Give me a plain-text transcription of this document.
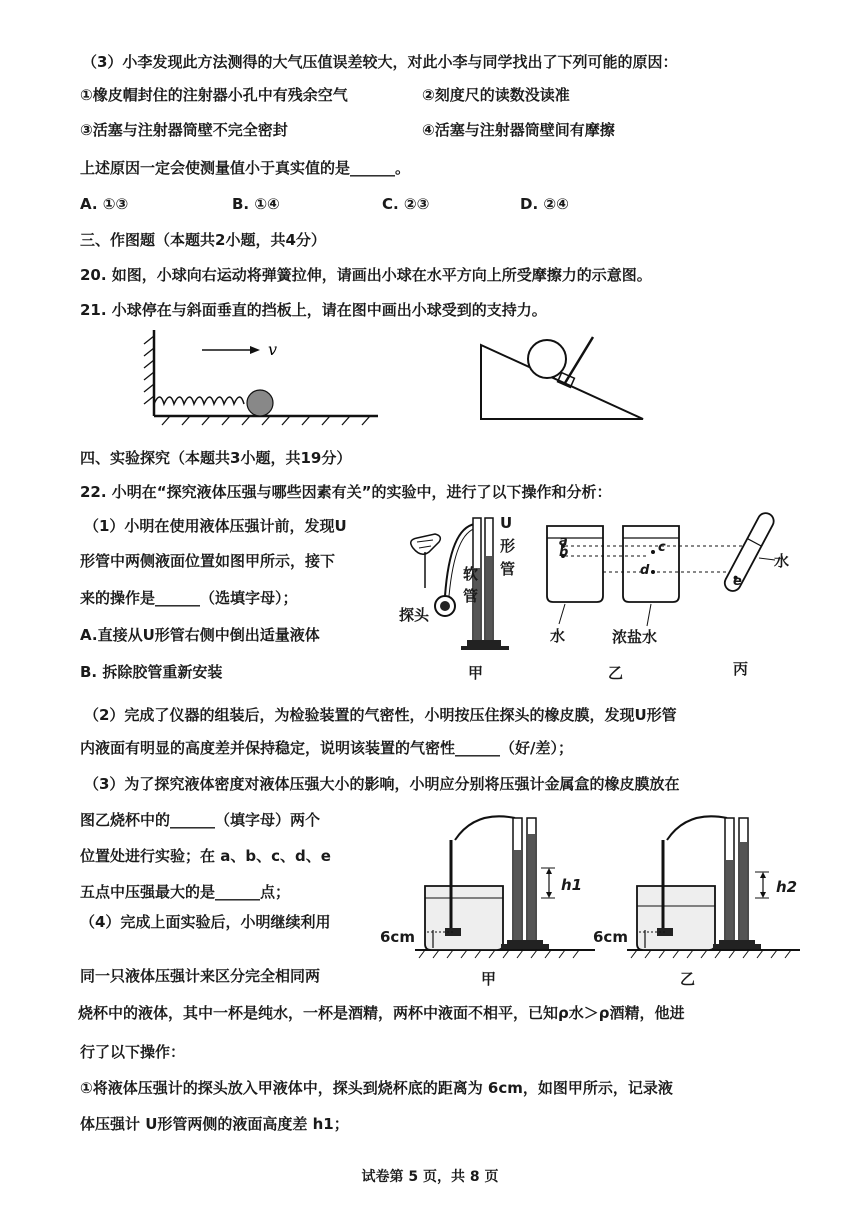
（3）小李发现此方法测得的大气压值误差较大，对此小李与同学找出了下列可能的原因：
①橡皮帽封住的注射器小孔中有残余空气	②刻度尺的读数没读准
③活塞与注射器筒壁不完全密封	④活塞与注射器筒壁间有摩擦
上述原因一定会使测量值小于真实值的是______。
A. ①③	B. ①④	C. ②③	D. ②④
三、作图题（本题共2小题，共4分）
20. 如图，小球向右运动将弹簧拉伸，请画出小球在水平方向上所受摩擦力的示意图。
21. 小球停在与斜面垂直的挡板上，请在图中画出小球受到的支持力。
v
四、实验探究（本题共3小题，共19分）
22. 小明在“探究液体压强与哪些因素有关”的实验中，进行了以下操作和分析：
（1）小明在使用液体压强计前，发现U
形管中两侧液面位置如图甲所示，接下
来的操作是______（选填字母）；
A.直接从U形管右侧中倒出适量液体
B. 拆除胶管重新安装
U
形
管
软
管
探头
a
b	c
d
e
水
水	浓盐水
甲	乙	丙
（2）完成了仪器的组装后，为检验装置的气密性，小明按压住探头的橡皮膜，发现U形管
内液面有明显的高度差并保持稳定，说明该装置的气密性______（好/差）；
（3）为了探究液体密度对液体压强大小的影响，小明应分别将压强计金属盒的橡皮膜放在
图乙烧杯中的______（填字母）两个
位置处进行实验；在 a、b、c、d、e
五点中压强最大的是______点；
（4）完成上面实验后，小明继续利用
同一只液体压强计来区分完全相同两
h1	h2
6cm	6cm
甲	乙
烧杯中的液体，其中一杯是纯水，一杯是酒精，两杯中液面不相平，已知ρ水＞ρ酒精，他进
行了以下操作：
①将液体压强计的探头放入甲液体中，探头到烧杯底的距离为 6cm，如图甲所示，记录液
体压强计 U形管两侧的液面高度差 h1；
试卷第 5 页，共 8 页
